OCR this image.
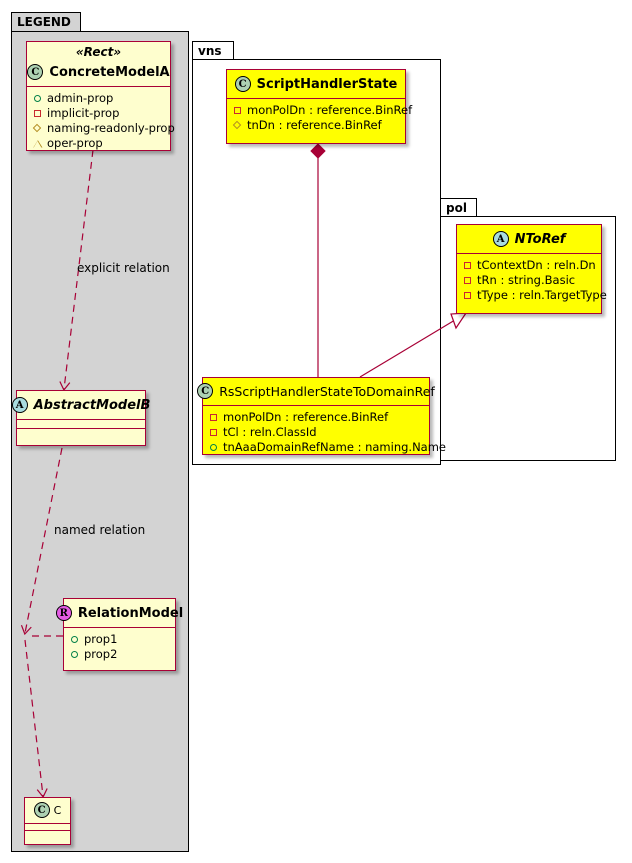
LEGEND
vns
pol
explicit relation
named relation
«Rect»
C ConcreteModelA
admin-prop
implicit-prop
naming-readonly-prop
oper-prop
A AbstractModelB
R RelationModel
prop1
prop2
C C
C ScriptHandlerState
monPolDn : reference.BinRef
tnDn : reference.BinRef
C RsScriptHandlerStateToDomainRef
monPolDn : reference.BinRef
tCl : reln.ClassId
tnAaaDomainRefName : naming.Name
A NToRef
tContextDn : reln.Dn
tRn : string.Basic
tType : reln.TargetType
